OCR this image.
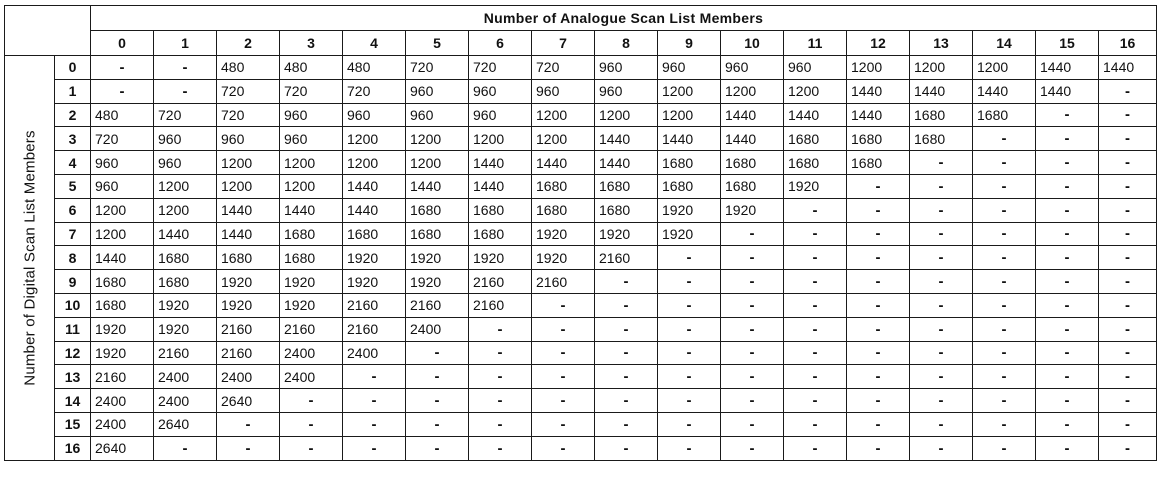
		Number of Analogue Scan List Members																
		0	1	2	3	4	5	6	7	8	9	10	11	12	13	14	15	16

Number of Digital Scan List Members	0	-	-	480	480	480	720	720	720	960	960	960	960	1200	1200	1200	1440	1440
	1	-	-	720	720	720	960	960	960	960	1200	1200	1200	1440	1440	1440	1440	-
	2	480	720	720	960	960	960	960	1200	1200	1200	1440	1440	1440	1680	1680	-	-
	3	720	960	960	960	1200	1200	1200	1200	1440	1440	1440	1680	1680	1680	-	-	-
	4	960	960	1200	1200	1200	1200	1440	1440	1440	1680	1680	1680	1680	-	-	-	-
	5	960	1200	1200	1200	1440	1440	1440	1680	1680	1680	1680	1920	-	-	-	-	-
	6	1200	1200	1440	1440	1440	1680	1680	1680	1680	1920	1920	-	-	-	-	-	-
	7	1200	1440	1440	1680	1680	1680	1680	1920	1920	1920	-	-	-	-	-	-	-
	8	1440	1680	1680	1680	1920	1920	1920	1920	2160	-	-	-	-	-	-	-	-
	9	1680	1680	1920	1920	1920	1920	2160	2160	-	-	-	-	-	-	-	-	-
	10	1680	1920	1920	1920	2160	2160	2160	-	-	-	-	-	-	-	-	-	-
	11	1920	1920	2160	2160	2160	2400	-	-	-	-	-	-	-	-	-	-	-
	12	1920	2160	2160	2400	2400	-	-	-	-	-	-	-	-	-	-	-	-
	13	2160	2400	2400	2400	-	-	-	-	-	-	-	-	-	-	-	-	-
	14	2400	2400	2640	-	-	-	-	-	-	-	-	-	-	-	-	-	-
	15	2400	2640	-	-	-	-	-	-	-	-	-	-	-	-	-	-	-
	16	2640	-	-	-	-	-	-	-	-	-	-	-	-	-	-	-	-
